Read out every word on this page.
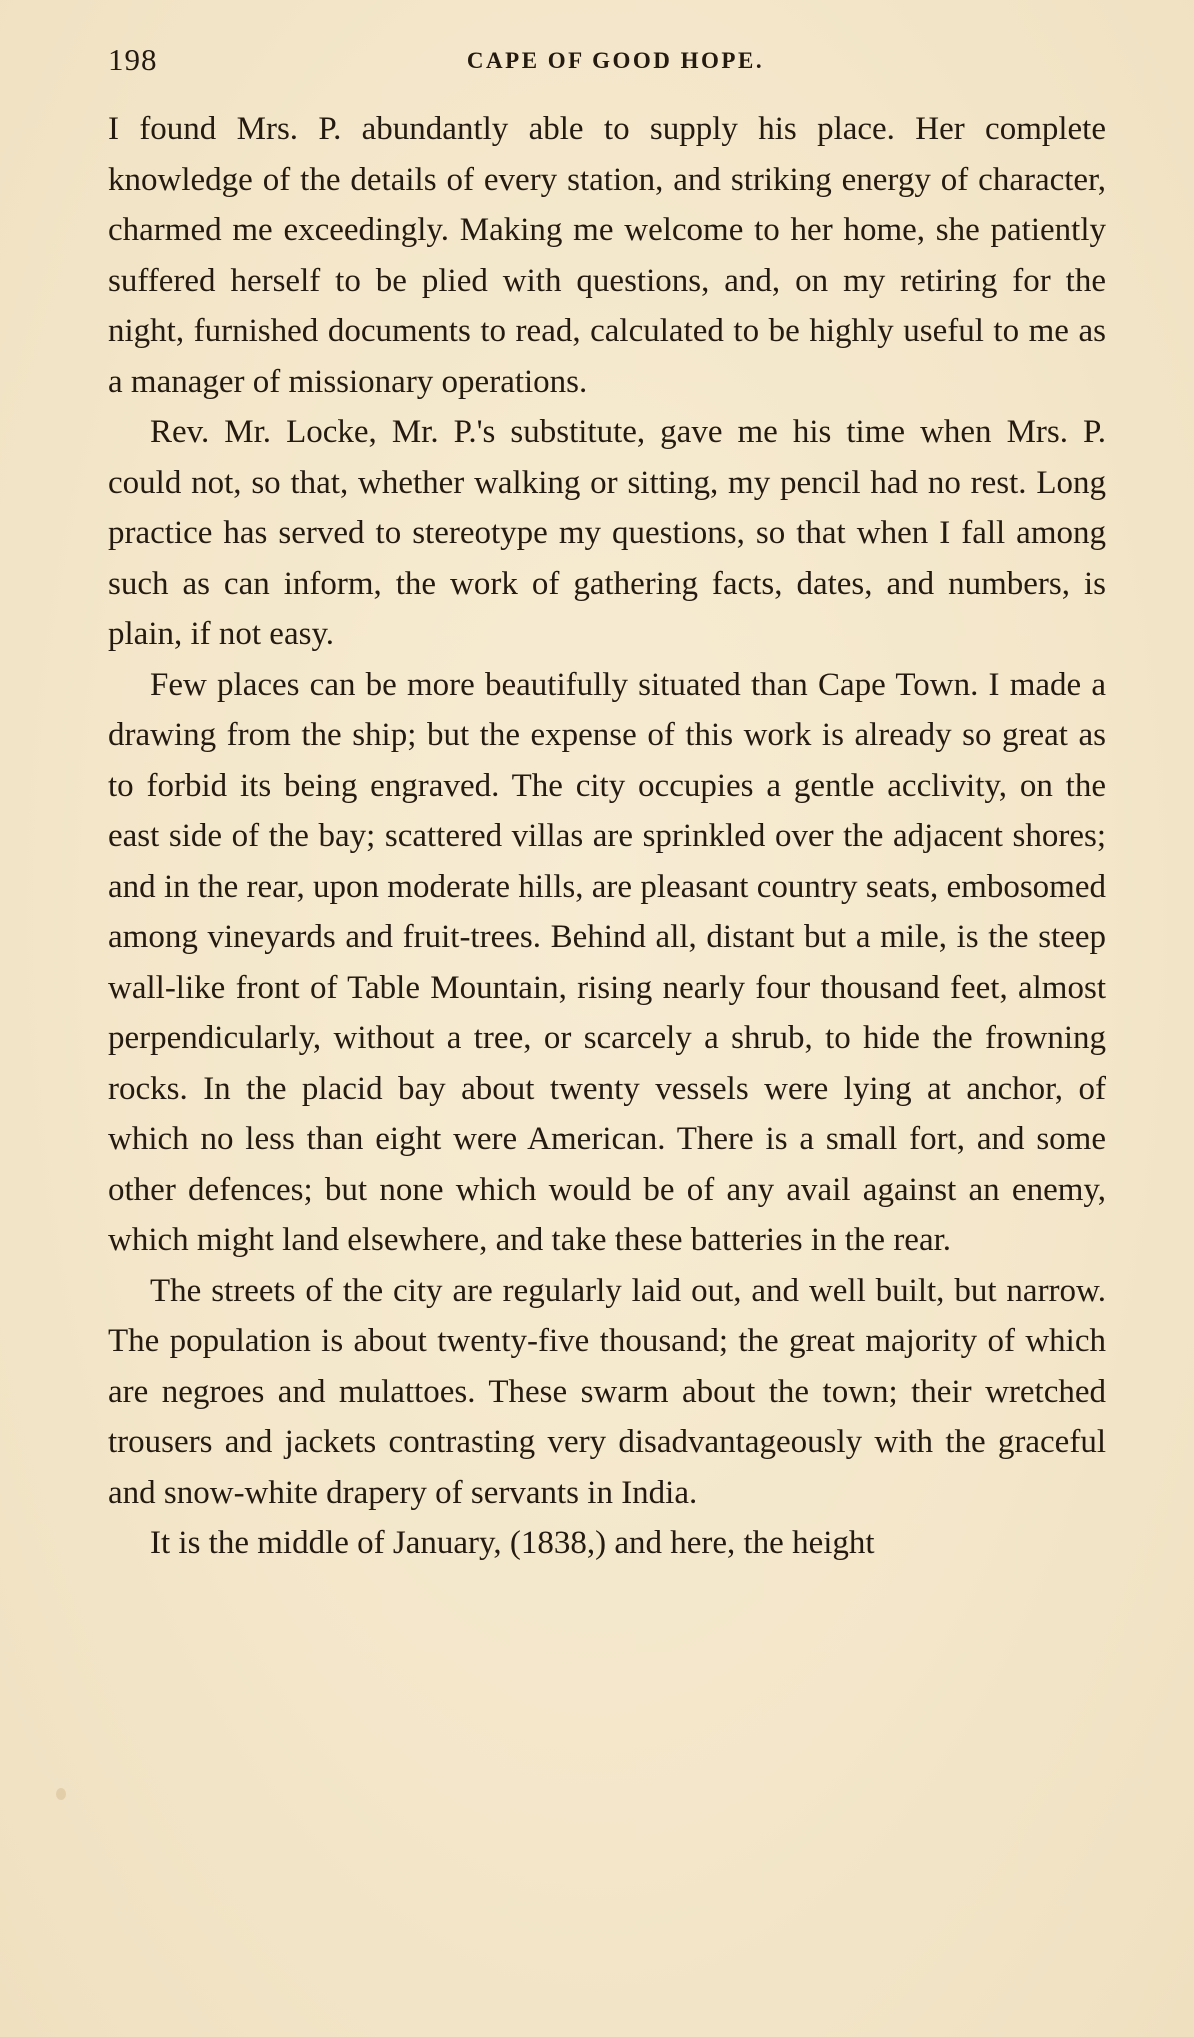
198	CAPE OF GOOD HOPE.

I found Mrs. P. abundantly able to supply his place. Her complete knowledge of the details of every station, and striking energy of character, charmed me exceedingly. Making me welcome to her home, she patiently suffered herself to be plied with questions, and, on my retiring for the night, furnished documents to read, calculated to be highly useful to me as a manager of missionary operations.

Rev. Mr. Locke, Mr. P.'s substitute, gave me his time when Mrs. P. could not, so that, whether walking or sitting, my pencil had no rest. Long practice has served to stereotype my questions, so that when I fall among such as can inform, the work of gathering facts, dates, and numbers, is plain, if not easy.

Few places can be more beautifully situated than Cape Town. I made a drawing from the ship; but the expense of this work is already so great as to forbid its being engraved. The city occupies a gentle acclivity, on the east side of the bay; scattered villas are sprinkled over the adjacent shores; and in the rear, upon moderate hills, are pleasant country seats, embosomed among vineyards and fruit-trees. Behind all, distant but a mile, is the steep wall-like front of Table Mountain, rising nearly four thousand feet, almost perpendicularly, without a tree, or scarcely a shrub, to hide the frowning rocks. In the placid bay about twenty vessels were lying at anchor, of which no less than eight were American. There is a small fort, and some other defences; but none which would be of any avail against an enemy, which might land elsewhere, and take these batteries in the rear.

The streets of the city are regularly laid out, and well built, but narrow. The population is about twenty-five thousand; the great majority of which are negroes and mulattoes. These swarm about the town; their wretched trousers and jackets contrasting very disadvantageously with the graceful and snow-white drapery of servants in India.

It is the middle of January, (1838,) and here, the height
